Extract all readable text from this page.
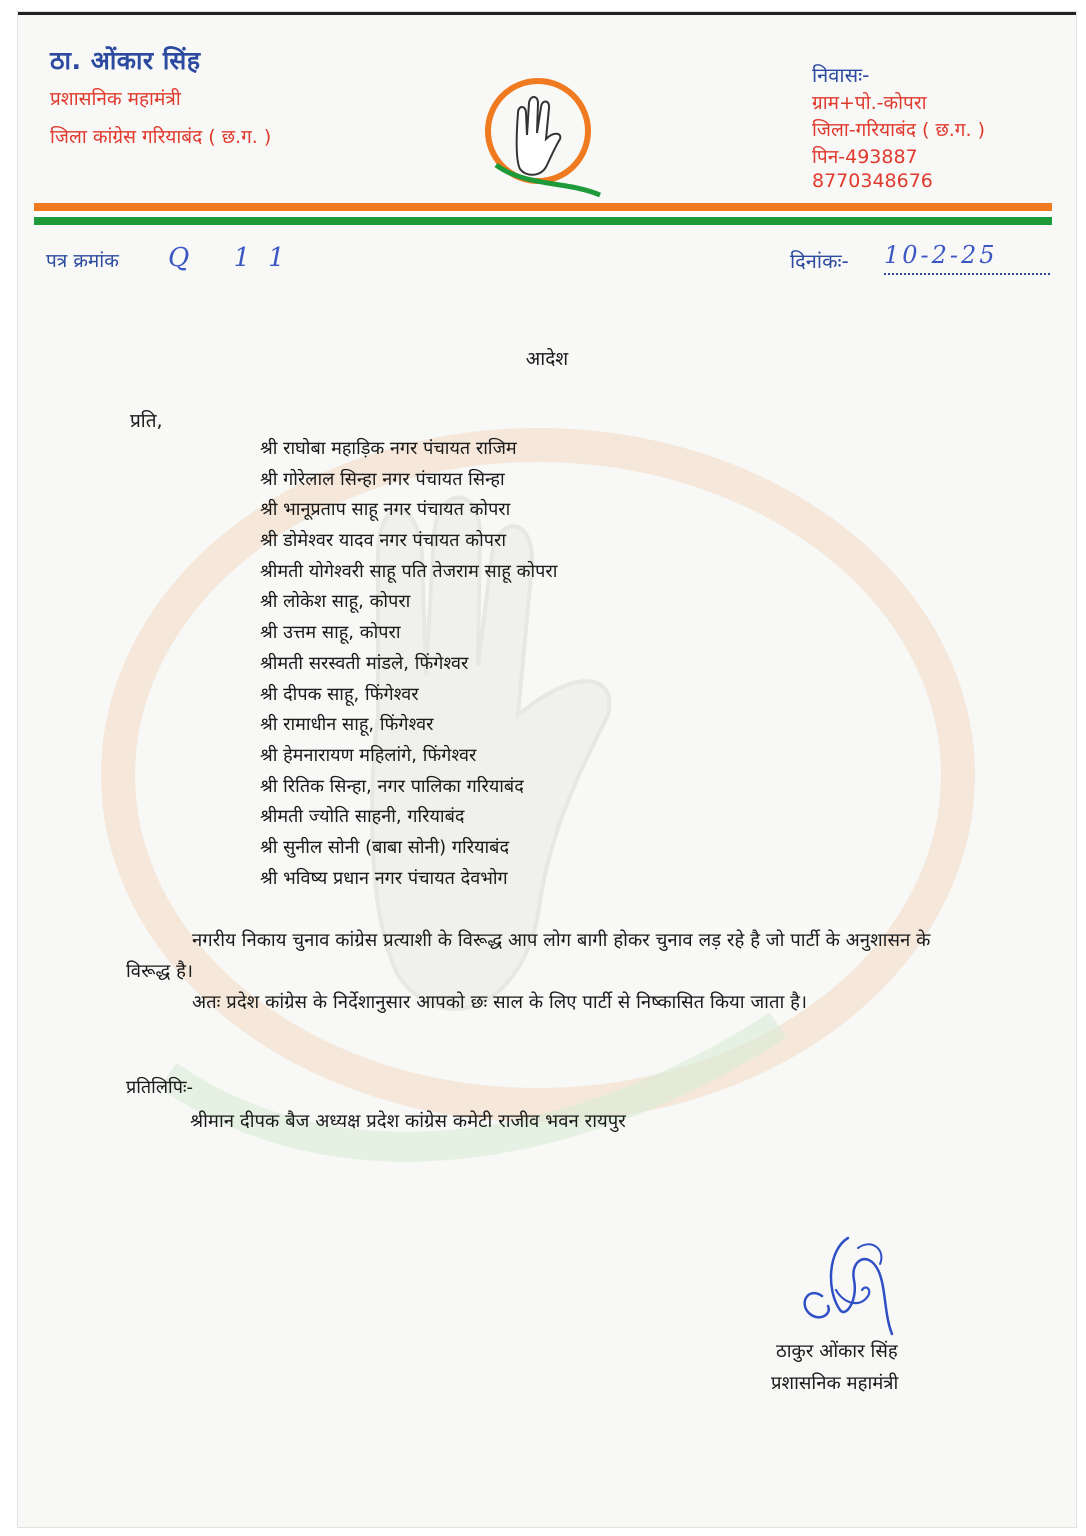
ठा. ओंकार सिंह
प्रशासनिक महामंत्री
जिला कांग्रेस गरियाबंद ( छ.ग. )
निवासः-
ग्राम+पो.-कोपरा
जिला-गरियाबंद ( छ.ग. )
पिन-493887
8770348676
पत्र क्रमांक Q 11	दिनांकः- 10-2-25
आदेश
प्रति,
श्री राघोबा महाड़िक नगर पंचायत राजिम
श्री गोरेलाल सिन्हा नगर पंचायत सिन्हा
श्री भानूप्रताप साहू नगर पंचायत कोपरा
श्री डोमेश्वर यादव नगर पंचायत कोपरा
श्रीमती योगेश्वरी साहू पति तेजराम साहू कोपरा
श्री लोकेश साहू, कोपरा
श्री उत्तम साहू, कोपरा
श्रीमती सरस्वती मांडले, फिंगेश्वर
श्री दीपक साहू, फिंगेश्वर
श्री रामाधीन साहू, फिंगेश्वर
श्री हेमनारायण महिलांगे, फिंगेश्वर
श्री रितिक सिन्हा, नगर पालिका गरियाबंद
श्रीमती ज्योति साहनी, गरियाबंद
श्री सुनील सोनी (बाबा सोनी) गरियाबंद
श्री भविष्य प्रधान नगर पंचायत देवभोग

नगरीय निकाय चुनाव कांग्रेस प्रत्याशी के विरूद्ध आप लोग बागी होकर चुनाव लड़ रहे है जो पार्टी के अनुशासन के विरूद्ध है।

अतः प्रदेश कांग्रेस के निर्देशानुसार आपको छः साल के लिए पार्टी से निष्कासित किया जाता है।

प्रतिलिपिः-
श्रीमान दीपक बैज अध्यक्ष प्रदेश कांग्रेस कमेटी राजीव भवन रायपुर
ठाकुर ओंकार सिंह
प्रशासनिक महामंत्री
